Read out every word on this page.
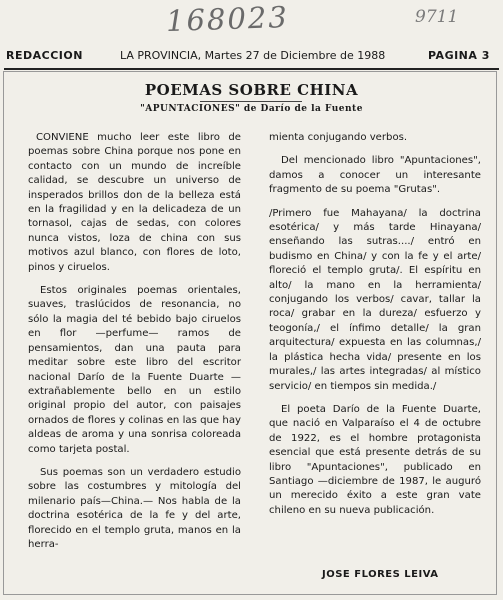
168023	9711
REDACCION	LA PROVINCIA, Martes 27 de Diciembre de 1988	PAGINA 3
POEMAS SOBRE CHINA
"APUNTACIONES" de Darío de la Fuente

CONVIENE mucho leer este libro de poemas sobre China porque nos pone en contacto con un mundo de increíble calidad, se descubre un universo de insperados brillos don de la belleza está en la fragilidad y en la delicadeza de un tornasol, cajas de sedas, con colores nunca vistos, loza de china con sus motivos azul blanco, con flores de loto, pinos y ciruelos.

Estos originales poemas orientales, suaves, traslúcidos de resonancia, no sólo la magia del té bebido bajo ciruelos en flor —perfume— ramos de pensamientos, dan una pauta para meditar sobre este libro del escritor nacional Darío de la Fuente Duarte —extrañablemente bello en un estilo original propio del autor, con paisajes ornados de flores y colinas en las que hay aldeas de aroma y una sonrisa coloreada como tarjeta postal.

Sus poemas son un verdadero estudio sobre las costumbres y mitología del milenario país—China.— Nos habla de la doctrina esotérica de la fe y del arte, florecido en el templo gruta, manos en la herra-

mienta conjugando verbos.

Del mencionado libro "Apuntaciones", damos a conocer un interesante fragmento de su poema "Grutas".

/Primero fue Mahayana/ la doctrina esotérica/ y más tarde Hinayana/ enseñando las sutras..../ entró en budismo en China/ y con la fe y el arte/ floreció el templo gruta/. El espíritu en alto/ la mano en la herramienta/ conjugando los verbos/ cavar, tallar la roca/ grabar en la dureza/ esfuerzo y teogonía,/ el ínfimo detalle/ la gran arquitectura/ expuesta en las columnas,/ la plástica hecha vida/ presente en los murales,/ las artes integradas/ al místico servicio/ en tiempos sin medida./

El poeta Darío de la Fuente Duarte, que nació en Valparaíso el 4 de octubre de 1922, es el hombre protagonista esencial que está presente detrás de su libro "Apuntaciones", publicado en Santiago —diciembre de 1987, le auguró un merecido éxito a este gran vate chileno en su nueva publicación.

JOSE FLORES LEIVA
